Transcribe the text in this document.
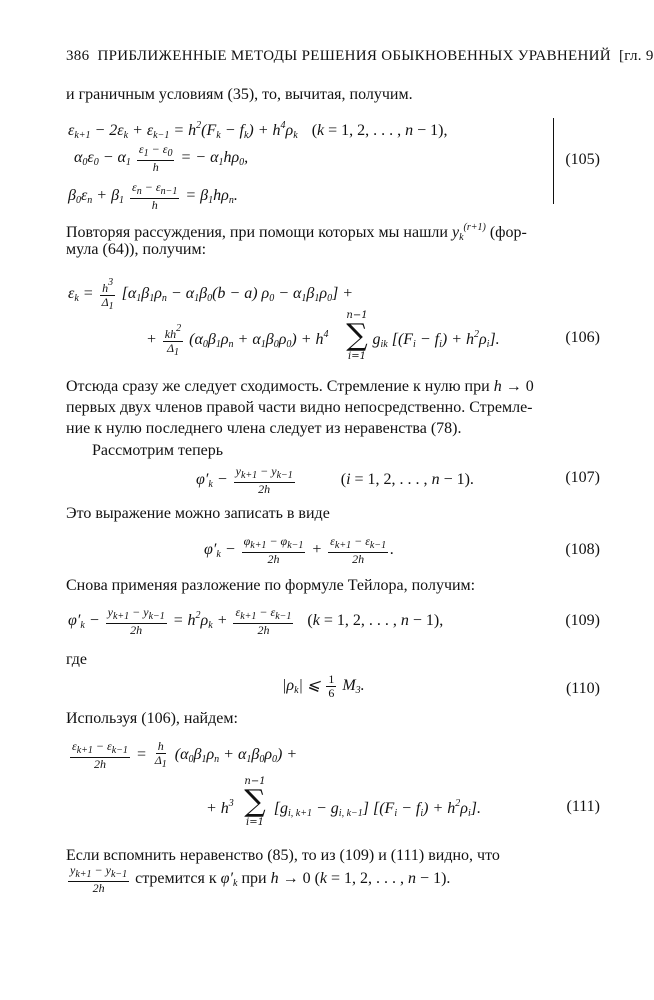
386 ПРИБЛИЖЕННЫЕ МЕТОДЫ РЕШЕНИЯ ОБЫКНОВЕННЫХ УРАВНЕНИЙ [гл. 9
и граничным условиям (35), то, вычитая, получим.
$\varepsilon_{k+1} - 2\varepsilon_k + \varepsilon_{k-1} = h^2(F_k - f_k) + h^4\rho_k$ (k = 1, 2, . . . , n − 1),
$\alpha_0\varepsilon_0 - \alpha_1 \frac{\varepsilon_1 - \varepsilon_0}{h}$ = − $\alpha_1h\rho_0$,
$\beta_0\varepsilon_n + \beta_1 \frac{\varepsilon_n - \varepsilon_{n-1}}{h} = \beta_1h\rho_n$.
(105)
Повторяя рассуждения, при помощи которых мы нашли $y_k^{(r+1)}$ (фор-
мула (64)), получим:
$\varepsilon_k = \frac{h^3}{\Delta_1} [\alpha_1\beta_1\rho_n - \alpha_1\beta_0(b - a) \rho_0 - \alpha_1\beta_1\rho_0]$ +
+ $\frac{kh^2}{\Delta_1} (\alpha_0\beta_1\rho_n + \alpha_1\beta_0\rho_0) + h^4$	$g_{ik}$ $[(F_i - f_i) + h^2\rho_i]$.
n−1
∑
i=1
(106)
Отсюда сразу же следует сходимость. Стремление к нулю при h → 0
первых двух членов правой части видно непосредственно. Стремле-
ние к нулю последнего члена следует из неравенства (78).
Рассмотрим теперь
$\varphi'_k - \frac{y_{k+1} - y_{k-1}}{2h}$	(i = 1, 2, . . . , n − 1).	(107)
Это выражение можно записать в виде
$\varphi'_k - \frac{\varphi_{k+1} - \varphi_{k-1}}{2h} + \frac{\varepsilon_{k+1} - \varepsilon_{k-1}}{2h}$ .	(108)
Снова применяя разложение по формуле Тейлора, получим:
$\varphi'_k - \frac{y_{k+1} - y_{k-1}}{2h} = h^2\rho_k + \frac{\varepsilon_{k+1} - \varepsilon_{k-1}}{2h} (k = 1$, 2, . . . , n − 1),	(109)
где
$|\rho_k|$ ⩽ $\frac{1}{6} M_3$.	(110)
Используя (106), найдем:
$\frac{\varepsilon_{k+1} - \varepsilon_{k-1}}{2h} = \frac{h}{\Delta_1} (\alpha_0\beta_1\rho_n + \alpha_1\beta_0\rho_0)$ +
+ $h^3$  $[g_{i, k+1} - g_{i, k-1}] [(F_i - f_i) + h^2\rho_i]$.
n−1
∑
i=1
(111)
Если вспомнить неравенство (85), то из (109) и (111) видно, что
$\frac{y_{k+1} - y_{k-1}}{2h}$ стремится к $\varphi'_k$ при h → 0 (k = 1, 2, . . . , n − 1).
